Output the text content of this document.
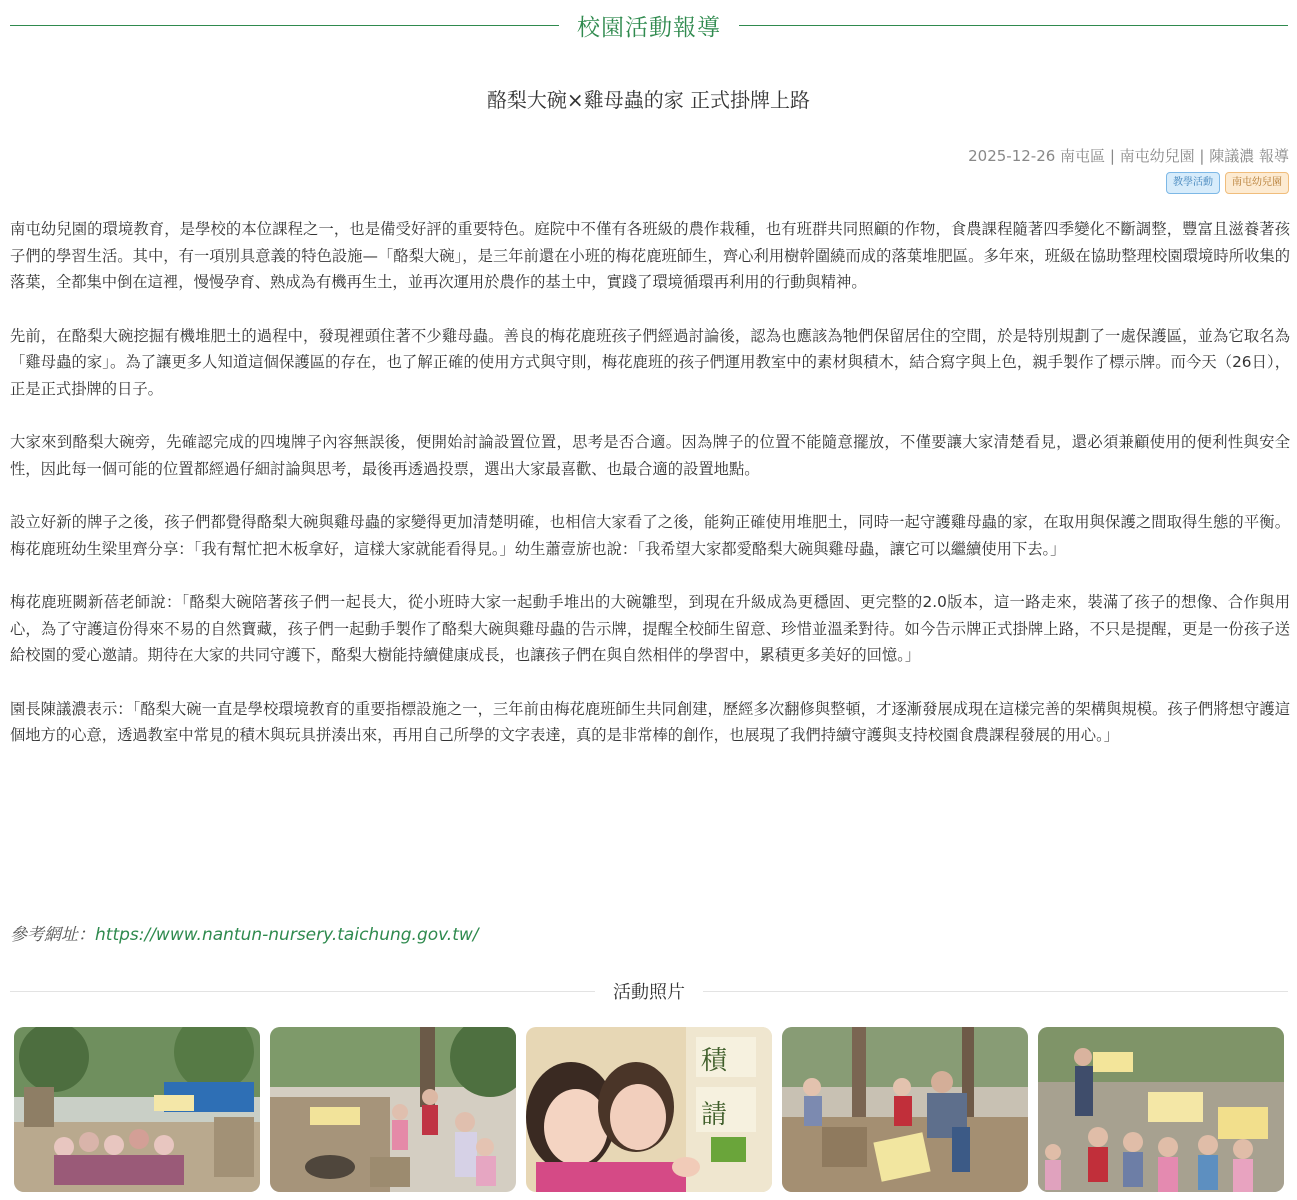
校園活動報導
酪梨大碗×雞母蟲的家 正式掛牌上路
2025-12-26 南屯區 | 南屯幼兒園 | 陳議濃 報導
教學活動	南屯幼兒園

南屯幼兒園的環境教育，是學校的本位課程之一，也是備受好評的重要特色。庭院中不僅有各班級的農作栽種，也有班群共同照顧的作物，食農課程隨著四季變化不斷調整，豐富且滋養著孩子們的學習生活。其中，有一項別具意義的特色設施—「酪梨大碗」，是三年前還在小班的梅花鹿班師生，齊心利用樹幹圍繞而成的落葉堆肥區。多年來，班級在協助整理校園環境時所收集的落葉，全都集中倒在這裡，慢慢孕育、熟成為有機再生土，並再次運用於農作的基土中，實踐了環境循環再利用的行動與精神。

先前，在酪梨大碗挖掘有機堆肥土的過程中，發現裡頭住著不少雞母蟲。善良的梅花鹿班孩子們經過討論後，認為也應該為牠們保留居住的空間，於是特別規劃了一處保護區，並為它取名為「雞母蟲的家」。為了讓更多人知道這個保護區的存在，也了解正確的使用方式與守則，梅花鹿班的孩子們運用教室中的素材與積木，結合寫字與上色，親手製作了標示牌。而今天（26日），正是正式掛牌的日子。

大家來到酪梨大碗旁，先確認完成的四塊牌子內容無誤後，便開始討論設置位置，思考是否合適。因為牌子的位置不能隨意擺放，不僅要讓大家清楚看見，還必須兼顧使用的便利性與安全性，因此每一個可能的位置都經過仔細討論與思考，最後再透過投票，選出大家最喜歡、也最合適的設置地點。

設立好新的牌子之後，孩子們都覺得酪梨大碗與雞母蟲的家變得更加清楚明確，也相信大家看了之後，能夠正確使用堆肥土，同時一起守護雞母蟲的家，在取用與保護之間取得生態的平衡。梅花鹿班幼生梁里齊分享：「我有幫忙把木板拿好，這樣大家就能看得見。」幼生蕭壹旂也說：「我希望大家都愛酪梨大碗與雞母蟲，讓它可以繼續使用下去。」

梅花鹿班闕新蓓老師說：「酪梨大碗陪著孩子們一起長大，從小班時大家一起動手堆出的大碗雛型，到現在升級成為更穩固、更完整的2.0版本，這一路走來，裝滿了孩子的想像、合作與用心，為了守護這份得來不易的自然寶藏，孩子們一起動手製作了酪梨大碗與雞母蟲的告示牌，提醒全校師生留意、珍惜並溫柔對待。如今告示牌正式掛牌上路，不只是提醒，更是一份孩子送給校園的愛心邀請。期待在大家的共同守護下，酪梨大樹能持續健康成長，也讓孩子們在與自然相伴的學習中，累積更多美好的回憶。」

園長陳議濃表示：「酪梨大碗一直是學校環境教育的重要指標設施之一，三年前由梅花鹿班師生共同創建，歷經多次翻修與整頓，才逐漸發展成現在這樣完善的架構與規模。孩子們將想守護這個地方的心意，透過教室中常見的積木與玩具拼湊出來，再用自己所學的文字表達，真的是非常棒的創作，也展現了我們持續守護與支持校園食農課程發展的用心。」

參考網址：https://www.nantun-nursery.taichung.gov.tw/
活動照片
積
請
